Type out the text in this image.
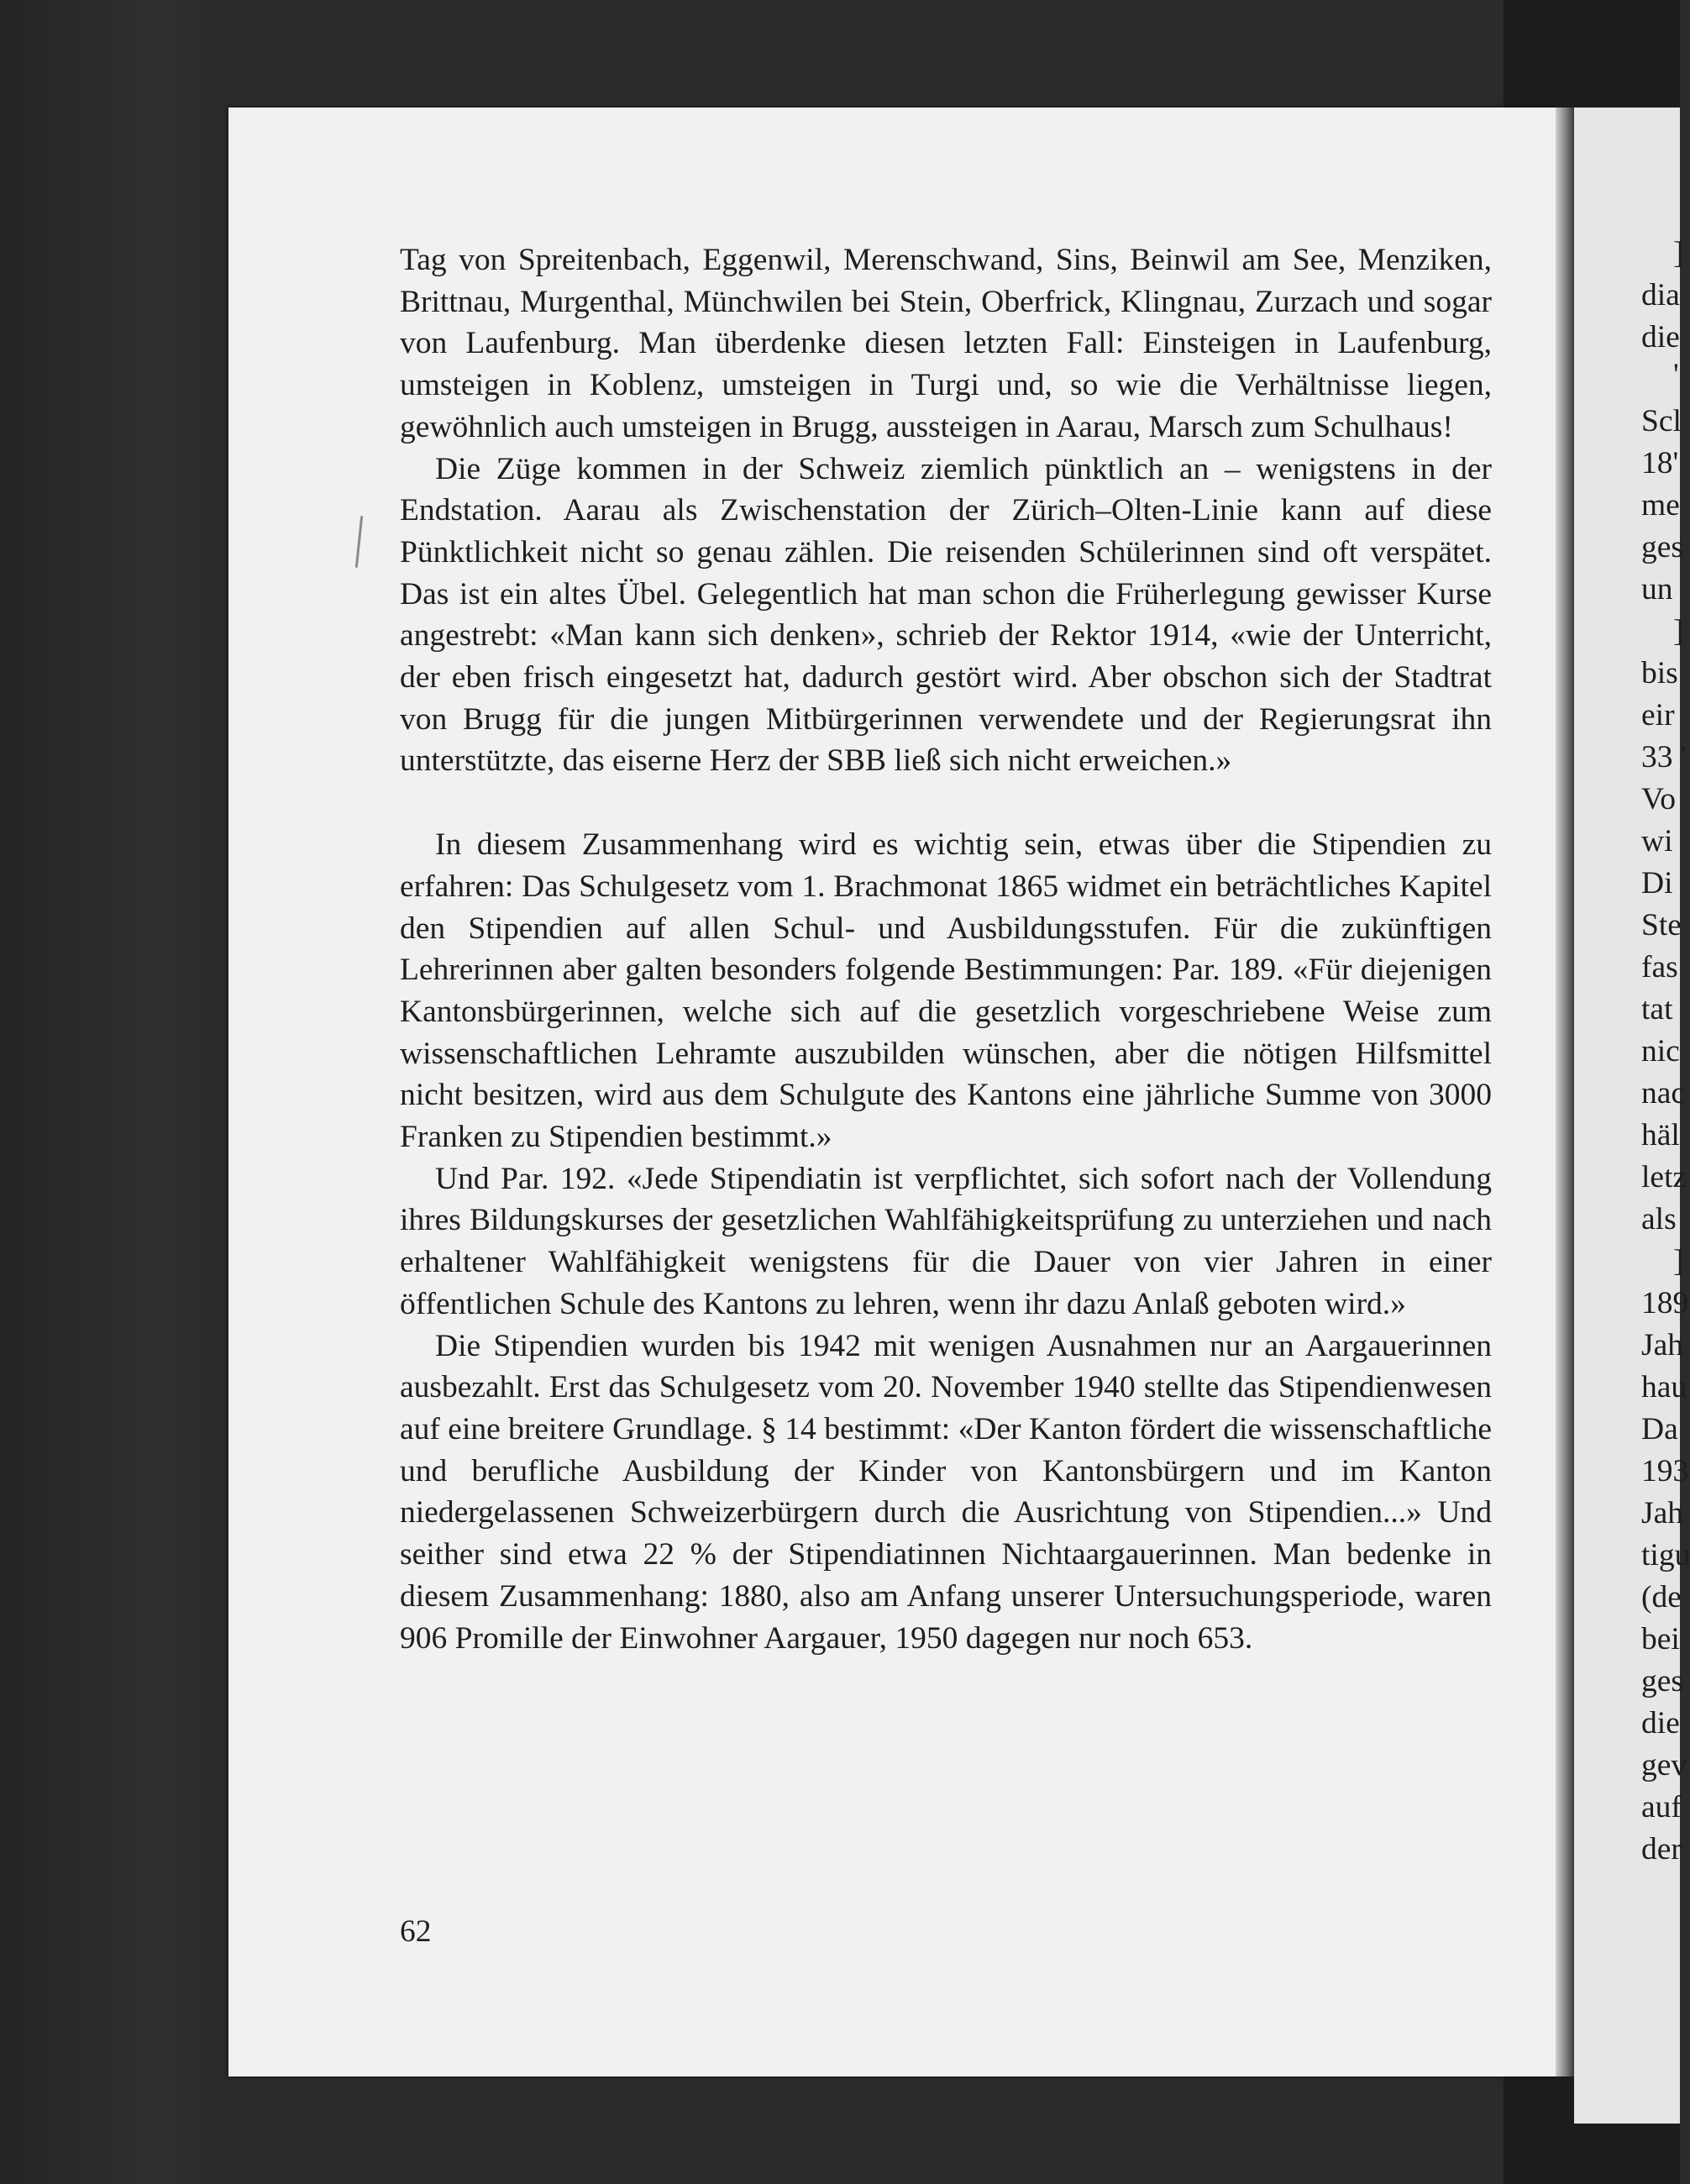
]
dia
die
'
Scl
18'
me
ges
un
]
bis
eir
33 '
Vo
wi
Di
Ste
fas
tat
nic
nac
häl
letz
als
]
189
Jah
hau
Da
193
Jah
tigu
(de
bei
ges
die
gev
auf
der

Tag von Spreitenbach, Eggenwil, Merenschwand, Sins, Beinwil am See, Menziken, Brittnau, Murgenthal, Münchwilen bei Stein, Oberfrick, Klingnau, Zurzach und sogar von Laufenburg. Man überdenke diesen letzten Fall: Einsteigen in Laufenburg, umsteigen in Koblenz, umsteigen in Turgi und, so wie die Verhältnisse liegen, gewöhnlich auch umsteigen in Brugg, aussteigen in Aarau, Marsch zum Schulhaus!

Die Züge kommen in der Schweiz ziemlich pünktlich an – wenigstens in der Endstation. Aarau als Zwischenstation der Zürich–Olten-Linie kann auf diese Pünktlichkeit nicht so genau zählen. Die reisenden Schülerinnen sind oft verspätet. Das ist ein altes Übel. Gelegentlich hat man schon die Früherlegung gewisser Kurse angestrebt: «Man kann sich denken», schrieb der Rektor 1914, «wie der Unterricht, der eben frisch eingesetzt hat, dadurch gestört wird. Aber obschon sich der Stadtrat von Brugg für die jungen Mitbürgerinnen verwendete und der Regierungsrat ihn unterstützte, das eiserne Herz der SBB ließ sich nicht erweichen.»

In diesem Zusammenhang wird es wichtig sein, etwas über die Stipendien zu erfahren: Das Schulgesetz vom 1. Brachmonat 1865 widmet ein beträchtliches Kapitel den Stipendien auf allen Schul- und Ausbildungsstufen. Für die zukünftigen Lehrerinnen aber galten besonders folgende Bestimmungen: Par. 189. «Für diejenigen Kantonsbürgerinnen, welche sich auf die gesetzlich vorgeschriebene Weise zum wissenschaftlichen Lehramte auszubilden wünschen, aber die nötigen Hilfsmittel nicht besitzen, wird aus dem Schulgute des Kantons eine jährliche Summe von 3000 Franken zu Stipendien bestimmt.»

Und Par. 192. «Jede Stipendiatin ist verpflichtet, sich sofort nach der Vollendung ihres Bildungskurses der gesetzlichen Wahlfähigkeitsprüfung zu unterziehen und nach erhaltener Wahlfähigkeit wenigstens für die Dauer von vier Jahren in einer öffentlichen Schule des Kantons zu lehren, wenn ihr dazu Anlaß geboten wird.»

Die Stipendien wurden bis 1942 mit wenigen Ausnahmen nur an Aargauerinnen ausbezahlt. Erst das Schulgesetz vom 20. November 1940 stellte das Stipendienwesen auf eine breitere Grundlage. § 14 bestimmt: «Der Kanton fördert die wissenschaftliche und berufliche Ausbildung der Kinder von Kantonsbürgern und im Kanton niedergelassenen Schweizerbürgern durch die Ausrichtung von Stipendien...» Und seither sind etwa 22 % der Stipendiatinnen Nichtaargauerinnen. Man bedenke in diesem Zusammenhang: 1880, also am Anfang unserer Untersuchungsperiode, waren 906 Promille der Einwohner Aargauer, 1950 dagegen nur noch 653.

62
